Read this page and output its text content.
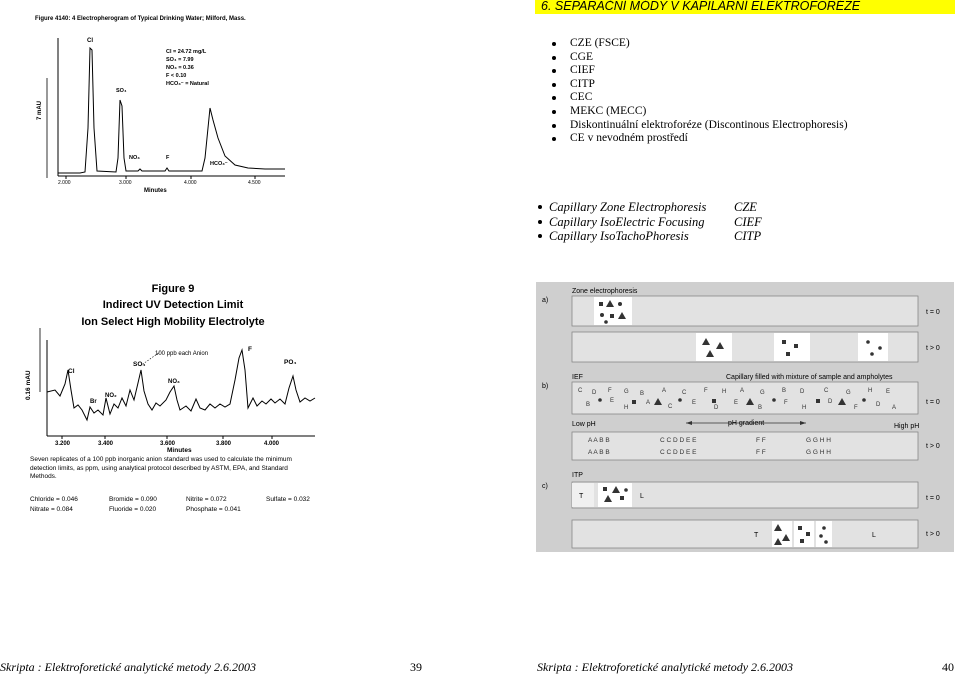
6. SEPARAČNÍ MÓDY V KAPILÁRNÍ ELEKTROFORÉZE
Figure 4140: 4 Electropherogram of Typical Drinking Water; Milford, Mass.
7 mAU
Cl
SO₄
NO₃	F
HCO₃⁻
Cl = 24.72 mg/L
SO₄ = 7.99
NO₃ = 0.36
F < 0.10
HCO₃⁻ = Natural
2.000	3.000	4.000	4.500
Minutes
CZE (FSCE)
CGE
CIEF
CITP
CEC
MEKC (MECC)
Diskontinuální elektroforéze (Discontinous Electrophoresis)
CE v nevodném prostředí
Capillary Zone Electrophoresis	CZE
Capillary IsoElectric Focusing	CIEF
Capillary IsoTachoPhoresis	CITP
Figure 9
Indirect UV Detection Limit
Ion Select High Mobility Electrolyte
0.16 mAU
100 ppb each Anion
Cl
Br
NO₂
SO₄
NO₃
F
PO₄
3.200	3.400	3.600	3.800	4.000
Minutes
Seven replicates of a 100 ppb inorganic anion standard was used to calculate the minimum detection limits, as ppm, using analytical protocol described by ASTM, EPA, and Standard Methods.
Chloride = 0.046	Bromide = 0.090	Nitrite = 0.072	Sulfate = 0.032
Nitrate = 0.084	Fluoride = 0.020	Phosphate = 0.041
a)
Zone electrophoresis
t = 0
t > 0
b)
IEF	Capillary filled with mixture of sample and ampholytes
C D F G B	A	C	F H A	G	B D	C	G	H E
B
E
H
A
C
E
D
E
B
F
H
D
F	D A
t = 0
Low pH	pH gradient	High pH
A A B B
A A B B
C C D D E E
C C D D E E
F F
F F
G G H H
G G H H
t > 0
c)
ITP
T	L	t = 0
T	L	t > 0
Skripta : Elektroforetické analytické metody 2.6.2003	39	Skripta : Elektroforetické analytické metody 2.6.2003	40
